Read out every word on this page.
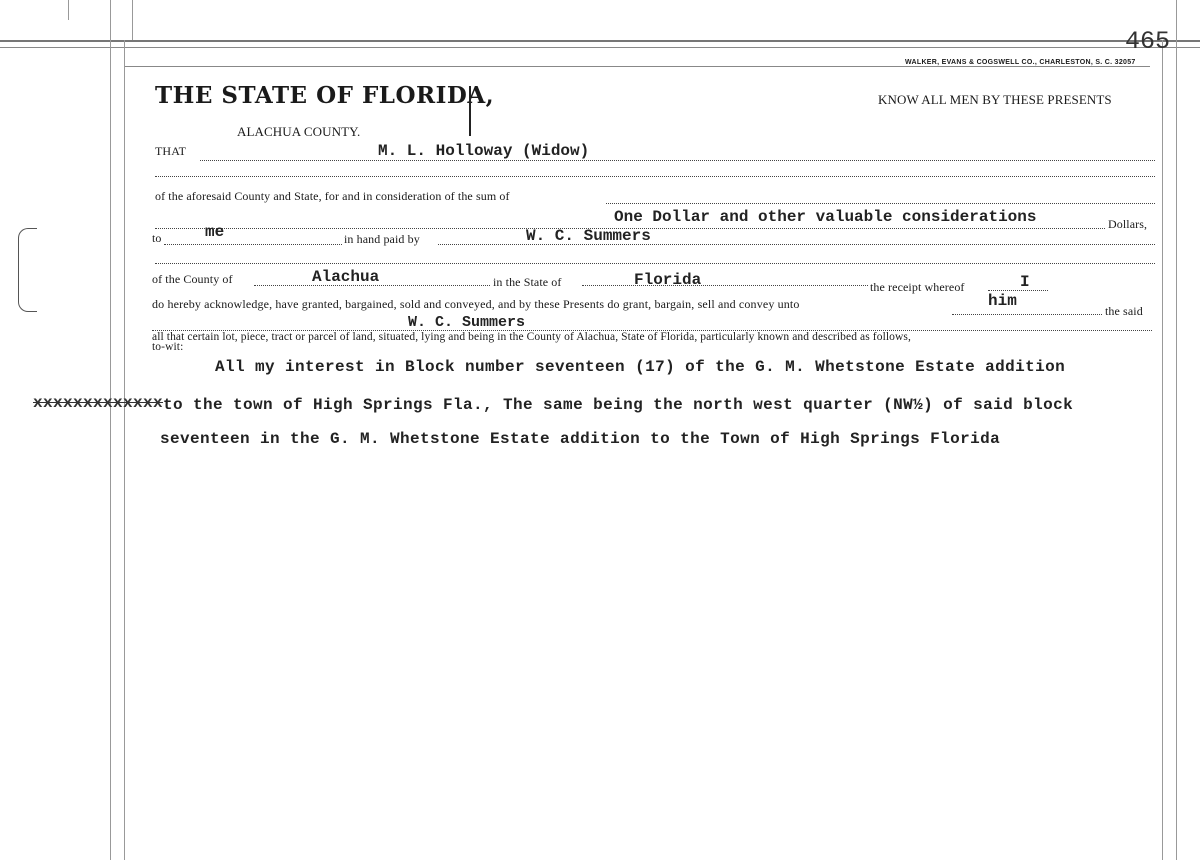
465
WALKER, EVANS & COGSWELL CO., CHARLESTON, S. C. 32057
THE STATE OF FLORIDA,
ALACHUA COUNTY.
KNOW ALL MEN BY THESE PRESENTS
THAT	M. L. Holloway (Widow)
of the aforesaid County and State, for and in consideration of the sum of
One Dollar and other valuable considerations	Dollars,
to	me	in hand paid by	W. C. Summers
of the County of	Alachua	in the State of	Florida	the receipt whereof	I
do hereby acknowledge, have granted, bargained, sold and conveyed, and by these Presents do grant, bargain, sell and convey unto	him
the said
W. C. Summers
all that certain lot, piece, tract or parcel of land, situated, lying and being in the County of Alachua, State of Florida, particularly known and described as follows,
to-wit:
All my interest in Block number seventeen (17) of the G. M. Whetstone Estate addition
xxxxxxxxxxxxx to the town of High Springs Fla., The same being the north west quarter (NW½) of said block
seventeen in the G. M. Whetstone Estate addition to the Town of High Springs Florida
